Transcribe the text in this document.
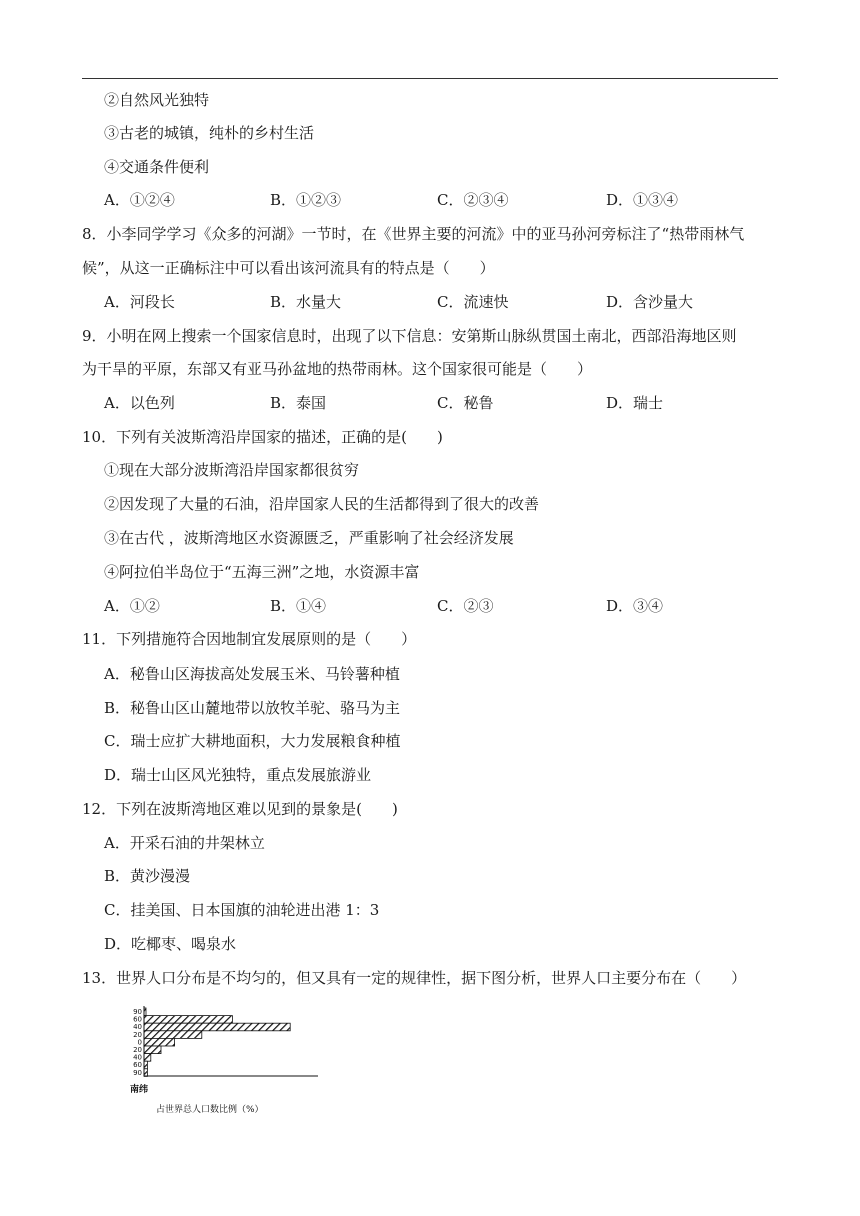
②自然风光独特
③古老的城镇，纯朴的乡村生活
④交通条件便利
A．①②④	B．①②③	C．②③④	D．①③④
8．小李同学学习《众多的河湖》一节时，在《世界主要的河流》中的亚马孙河旁标注了“热带雨林气
候”，从这一正确标注中可以看出该河流具有的特点是（　　）
A．河段长	B．水量大	C．流速快	D．含沙量大
9．小明在网上搜索一个国家信息时，出现了以下信息：安第斯山脉纵贯国土南北，西部沿海地区则
为干旱的平原，东部又有亚马孙盆地的热带雨林。这个国家很可能是（　　）
A．以色列	B．泰国	C．秘鲁	D．瑞士
10．下列有关波斯湾沿岸国家的描述，正确的是(　　)
①现在大部分波斯湾沿岸国家都很贫穷
②因发现了大量的石油，沿岸国家人民的生活都得到了很大的改善
③在古代 ，波斯湾地区水资源匮乏，严重影响了社会经济发展
④阿拉伯半岛位于“五海三洲”之地，水资源丰富
A．①②	B．①④	C．②③	D．③④
11．下列措施符合因地制宜发展原则的是（　　）
A．秘鲁山区海拔高处发展玉米、马铃薯种植
B．秘鲁山区山麓地带以放牧羊驼、骆马为主
C．瑞士应扩大耕地面积，大力发展粮食种植
D．瑞士山区风光独特，重点发展旅游业
12．下列在波斯湾地区难以见到的景象是(　　)
A．开采石油的井架林立
B．黄沙漫漫
C．挂美国、日本国旗的油轮进出港 1：3
D．吃椰枣、喝泉水
13．世界人口分布是不均匀的，但又具有一定的规律性，据下图分析，世界人口主要分布在（　　）
90
60
40
20
0
20
40
60
90
南纬
占世界总人口数比例（%）
